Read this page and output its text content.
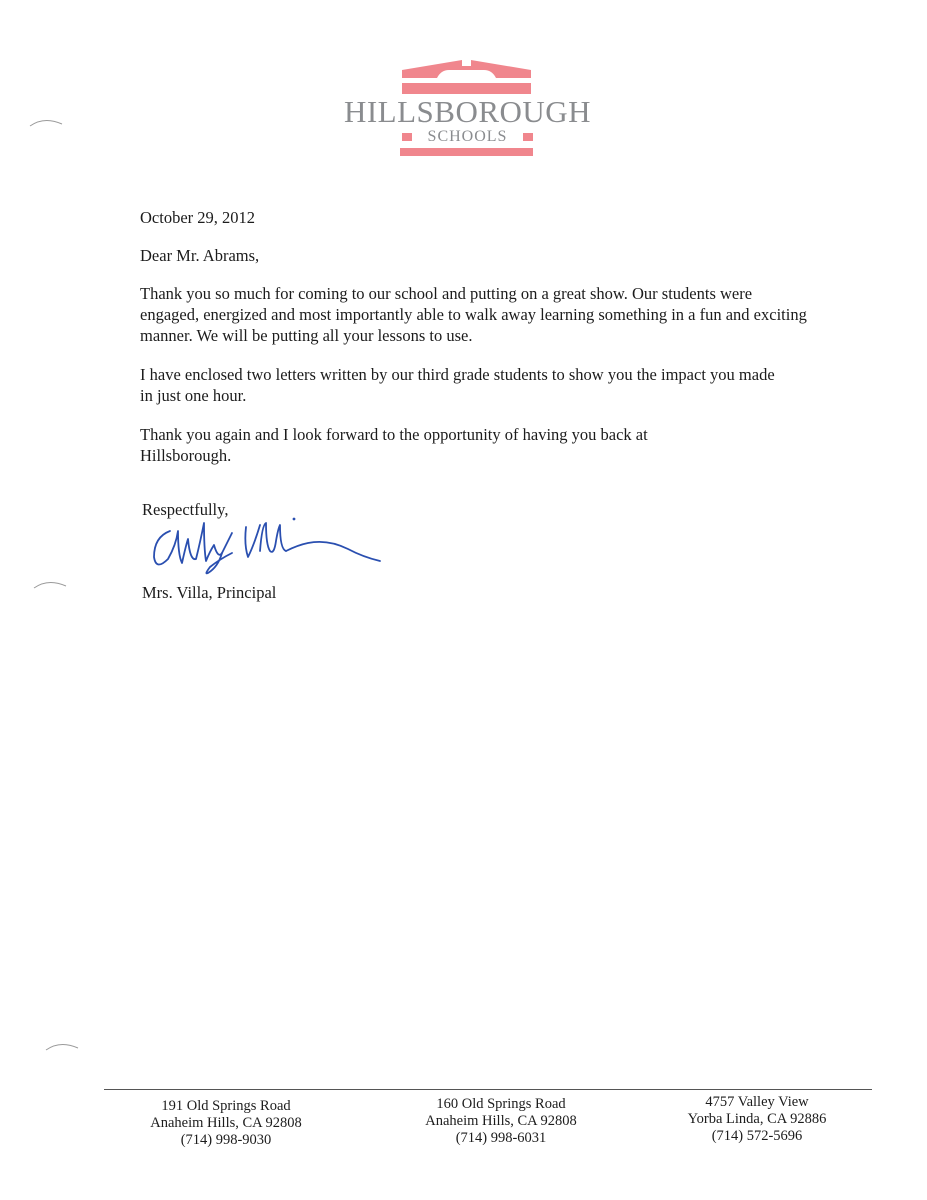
HILLSBOROUGH
SCHOOLS

October 29, 2012

Dear Mr. Abrams,

Thank you so much for coming to our school and putting on a great show. Our students were engaged, energized and most importantly able to walk away learning something in a fun and exciting manner. We will be putting all your lessons to use.

I have enclosed two letters written by our third grade students to show you the impact you made in just one hour.

Thank you again and I look forward to the opportunity of having you back at Hillsborough.

Respectfully,

Mrs. Villa, Principal

191 Old Springs Road
Anaheim Hills, CA 92808
(714) 998-9030
160 Old Springs Road
Anaheim Hills, CA 92808
(714) 998-6031
4757 Valley View
Yorba Linda, CA 92886
(714) 572-5696
